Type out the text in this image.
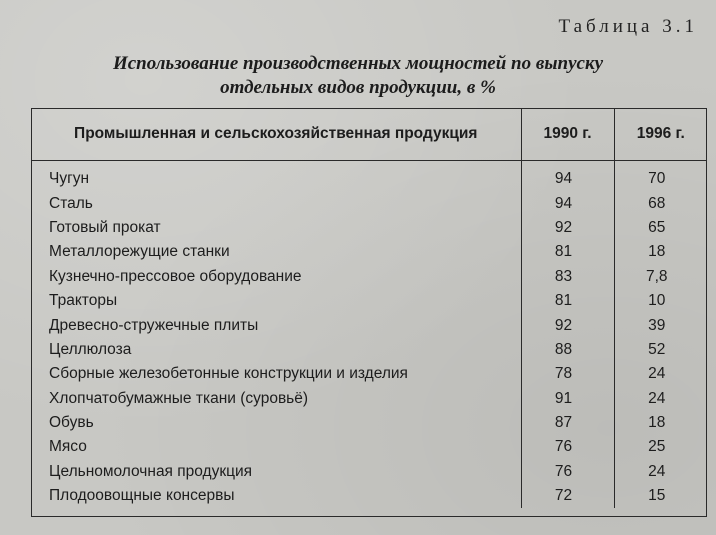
Таблица 3.1
Использование производственных мощностей по выпуску
отдельных видов продукции, в %
Промышленная и сельскохозяйственная продукция	1990 г.	1996 г.
Чугун	94	70
Сталь	94	68
Готовый прокат	92	65
Металлорежущие станки	81	18
Кузнечно-прессовое оборудование	83	7,8
Тракторы	81	10
Древесно-стружечные плиты	92	39
Целлюлоза	88	52
Сборные железобетонные конструкции и изделия	78	24
Хлопчатобумажные ткани (суровьё)	91	24
Обувь	87	18
Мясо	76	25
Цельномолочная продукция	76	24
Плодоовощные консервы	72	15
